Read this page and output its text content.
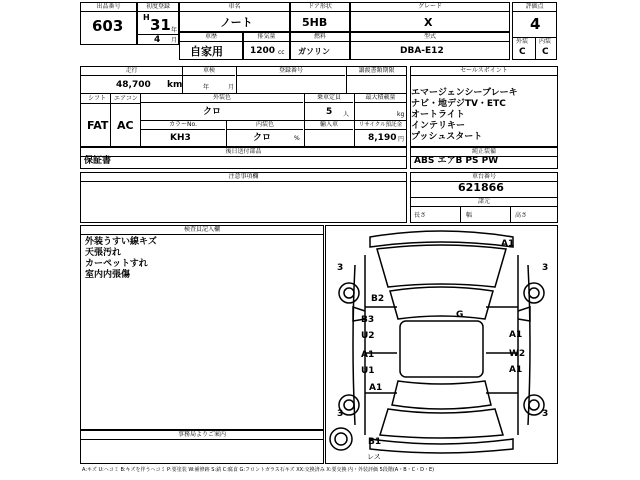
出品番号
603
初度登録
H 31 年
4 月
車名
ノート
ドア形状
5HB
グレード
X
車歴
自家用
排気量
1200 cc
燃料
ガソリン
型式
DBA-E12
評価点
4
外装 内装
C C
走行
48,700 km
車検
年	月
登録番号	譲渡書類期限
シフト エアコン
FAT AC
外装色
クロ
乗車定員
5 人
最大積載量
kg
カラーNo.
KH3
内装色
クロ
輸入車
%
リサイクル預託金
8,190 円
後日送付部品
保証書
注意事項欄
セールスポイント
エマージェンシーブレーキ
ナビ・地デジTV・ETC
オートライト
インテリキー
プッシュスタート
純正装備
ABS エアB PS PW
車台番号
621866
諸元
長さ	幅	高さ
検査員記入欄
外装うすい線キズ
天張汚れ
カーペットすれ
室内内張傷
事務局よりご案内
A1
3	3
B2
G
B3
U2	A1
A1	W2
U1	A1
A1
3	3
B1
レス
A:キズ U:ヘコミ B:キズを伴うヘコミ P:要塗装 W:補修跡 S:錆 C:腐食 G:フロントガラス石キズ XX:交換済み X:要交換 内・外装評価 5段階(A・B・C・D・E)
